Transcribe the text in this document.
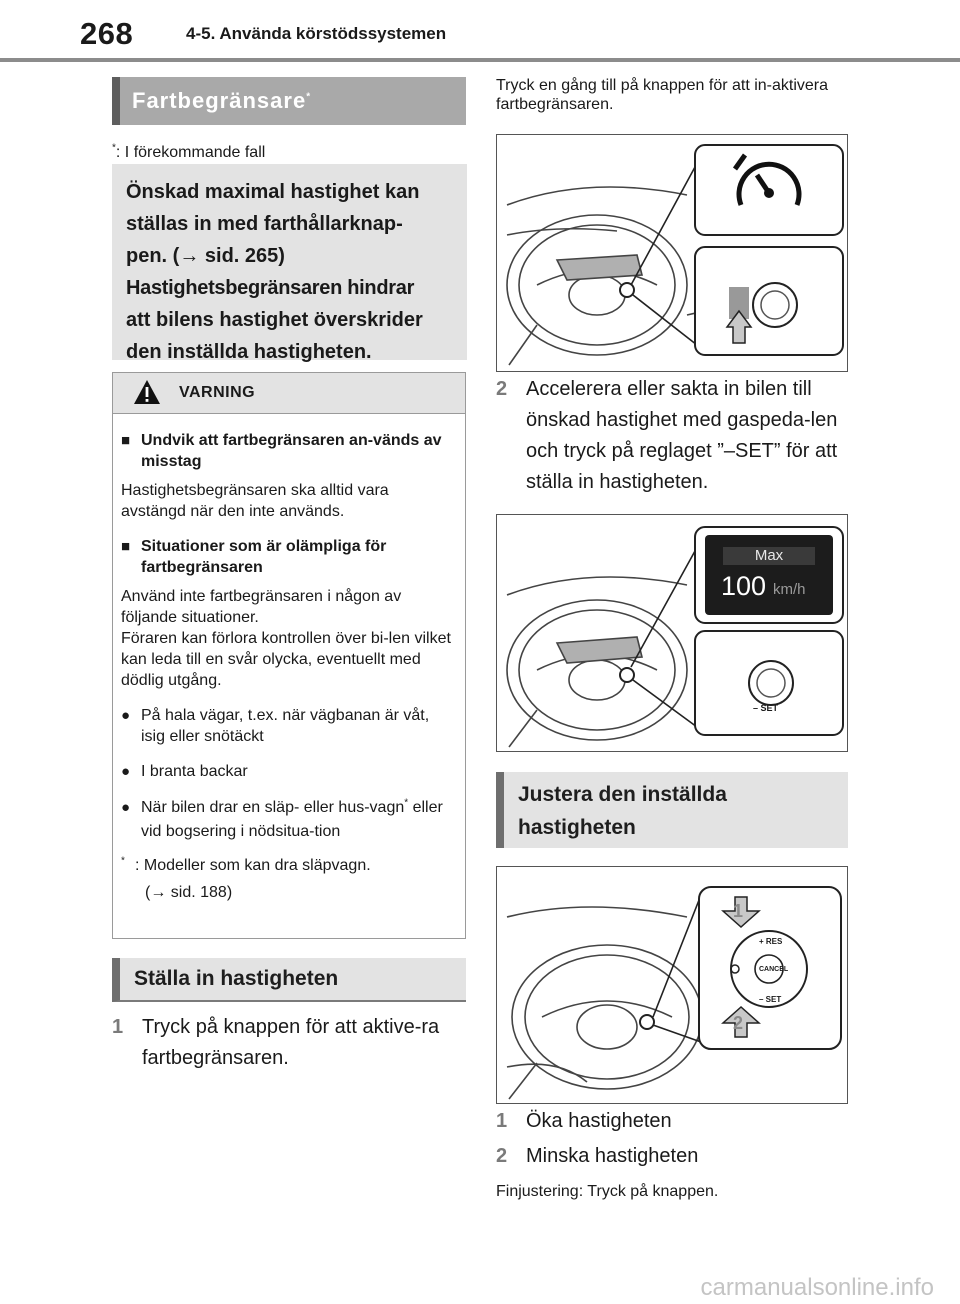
268	4-5. Använda körstödssystemen
Fartbegränsare*
*: I förekommande fall
Önskad maximal hastighet kan
ställas in med farthållarknap-
pen. (→ sid. 265)
Hastighetsbegränsaren hindrar
att bilens hastighet överskrider
den inställda hastigheten.
VARNING
■ Undvik att fartbegränsaren an-vänds av misstag
Hastighetsbegränsaren ska alltid vara avstängd när den inte används.
■ Situationer som är olämpliga för fartbegränsaren
Använd inte fartbegränsaren i någon av följande situationer.
Föraren kan förlora kontrollen över bi-len vilket kan leda till en svår olycka, eventuellt med dödlig utgång.
● På hala vägar, t.ex. när vägbanan är våt, isig eller snötäckt
● I branta backar
● När bilen drar en släp- eller hus-vagn* eller vid bogsering i nödsitua-tion
* : Modeller som kan dra släpvagn.
(→ sid. 188)
Ställa in hastigheten
1 Tryck på knappen för att aktive-ra fartbegränsaren.
Tryck en gång till på knappen för att in-aktivera fartbegränsaren.
2 Accelerera eller sakta in bilen till önskad hastighet med gaspeda-len och tryck på reglaget ”–SET” för att ställa in hastigheten.
Max
100 km/h
– SET
Justera den inställda
hastigheten
+ RES
CANCEL
– SET
1
2
1 Öka hastigheten
2 Minska hastigheten
Finjustering: Tryck på knappen.
carmanualsonline.info
